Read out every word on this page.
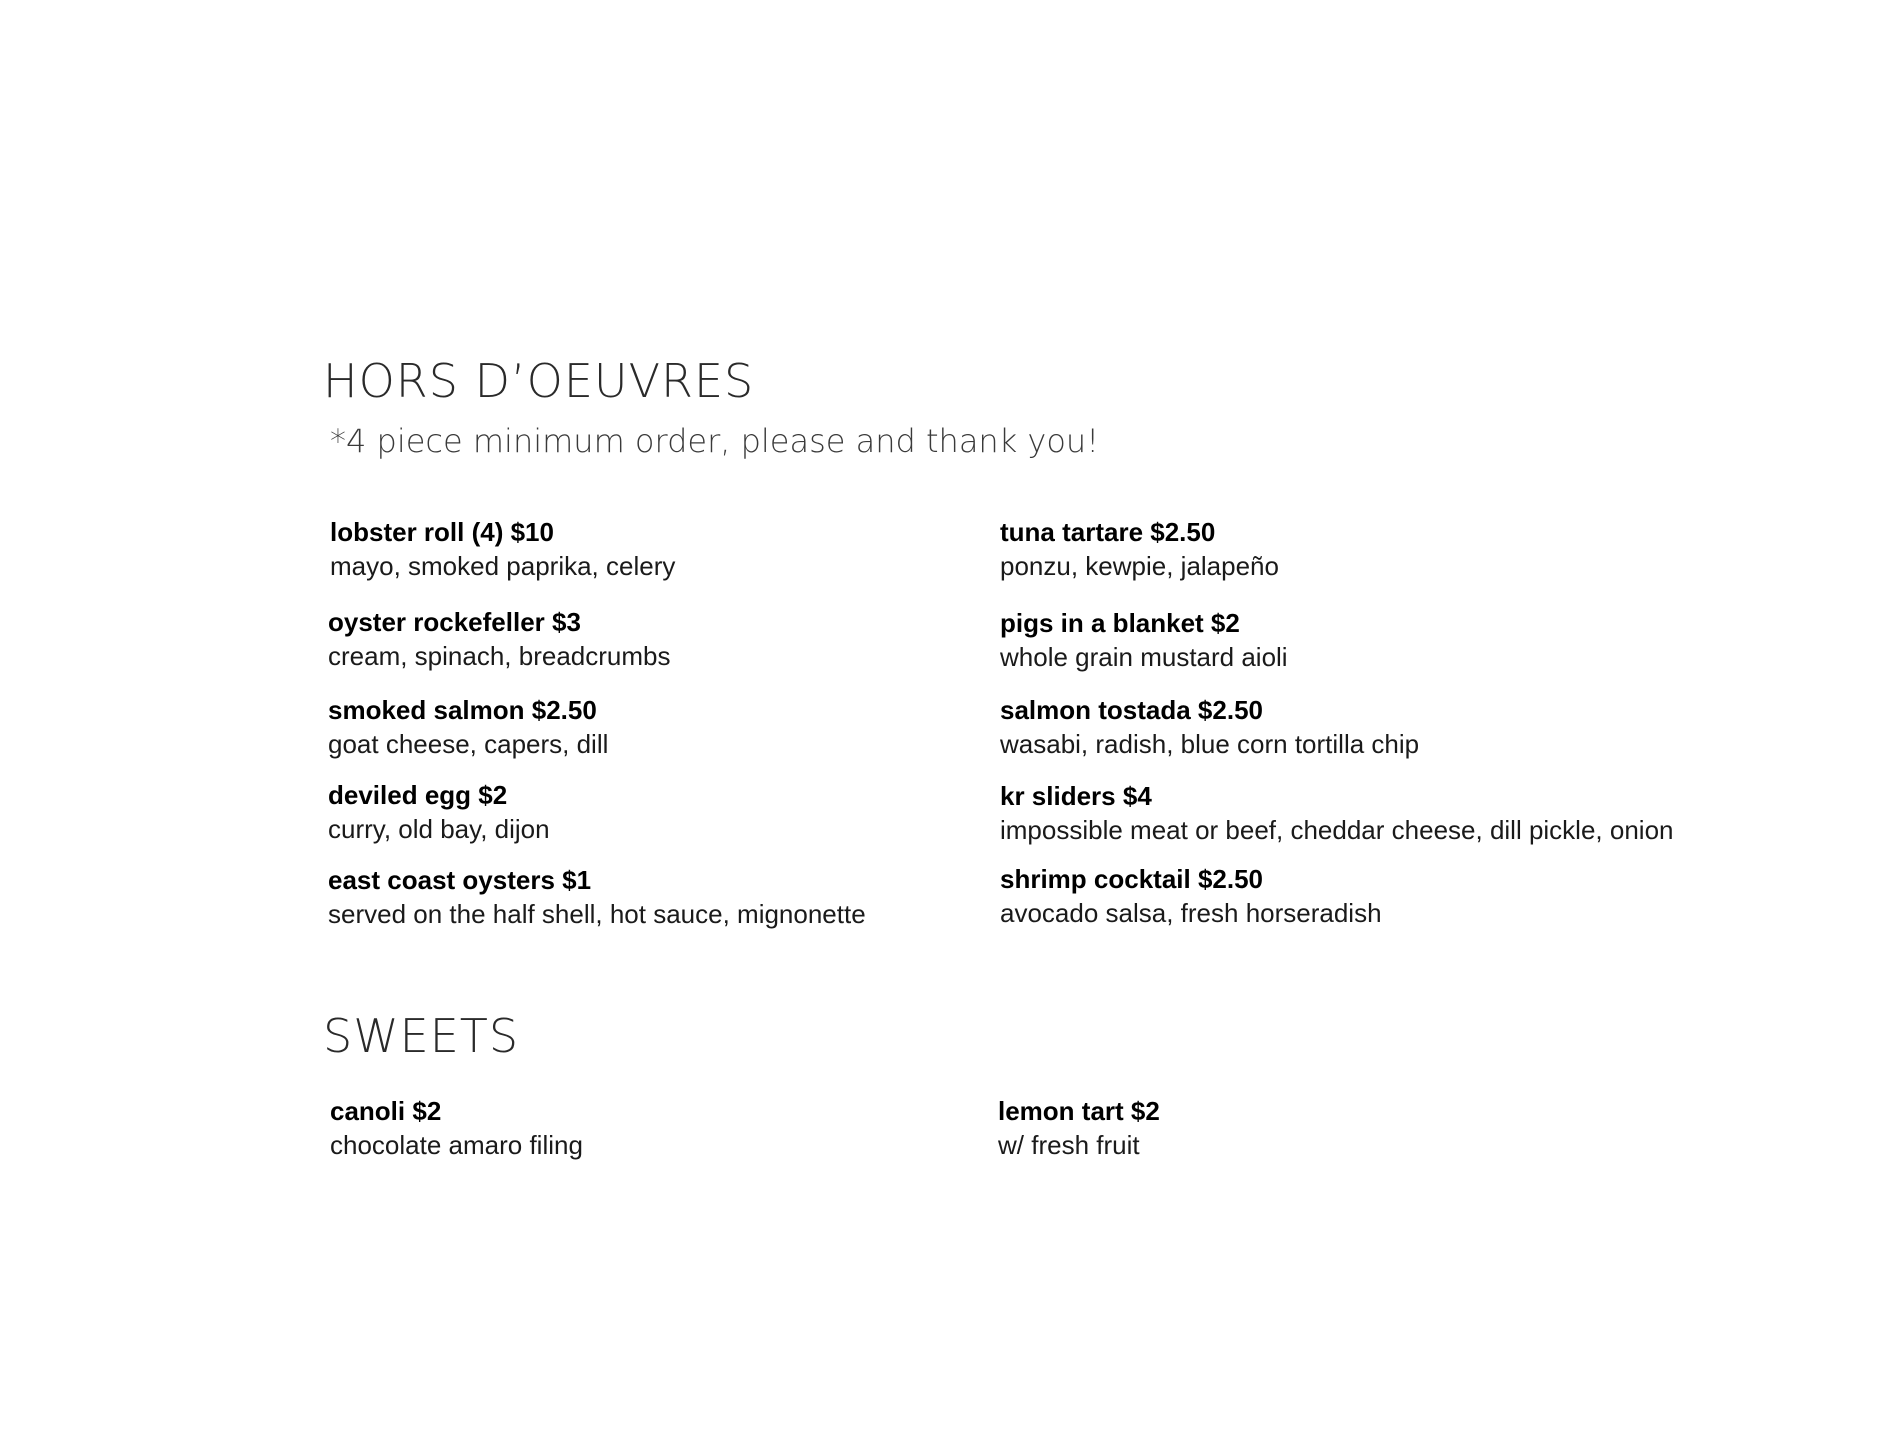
HORS D’OEUVRES

*4 piece minimum order, please and thank you!

lobster roll (4) $10
mayo, smoked paprika, celery
oyster rockefeller $3
cream, spinach, breadcrumbs
smoked salmon $2.50
goat cheese, capers, dill
deviled egg $2
curry, old bay, dijon
east coast oysters $1
served on the half shell, hot sauce, mignonette
tuna tartare $2.50
ponzu, kewpie, jalapeño
pigs in a blanket $2
whole grain mustard aioli
salmon tostada $2.50
wasabi, radish, blue corn tortilla chip
kr sliders $4
impossible meat or beef, cheddar cheese, dill pickle, onion
shrimp cocktail $2.50
avocado salsa, fresh horseradish
SWEETS
canoli $2
chocolate amaro filing
lemon tart $2
w/ fresh fruit
